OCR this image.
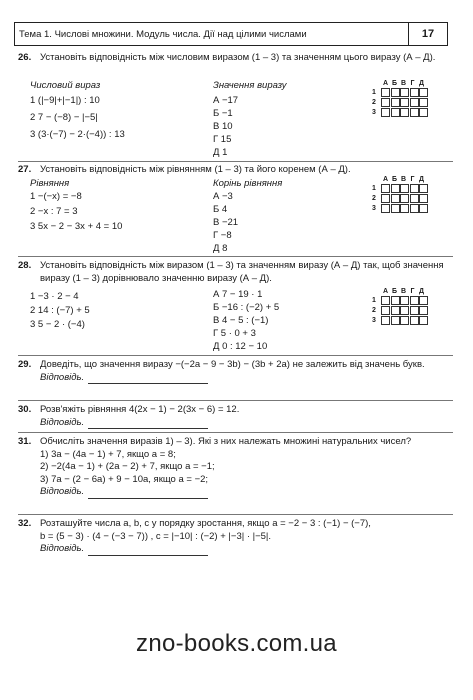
Тема 1. Числові множини. Модуль числа. Дії над цілими числами	17
26. Установіть відповідність між числовим виразом (1 – 3) та значенням цього виразу (А – Д).
Числовий вираз	Значення виразу
1 (|−9|+|−1|) : 10
2 7 − (−8) − |−5|
3 (3·(−7) − 2·(−4)) : 13
А −17
Б −1
В 10
Г 15
Д 1
А Б В Г Д
1
2
3
27. Установіть відповідність між рівнянням (1 – 3) та його коренем (А – Д).
Рівняння	Корінь рівняння
1 −(−x) = −8
2 −x : 7 = 3
3 5x − 2 − 3x + 4 = 10
А −3
Б 4
В −21
Г −8
Д 8
А Б В Г Д
1
2
3
28. Установіть відповідність між виразом (1 – 3) та значенням виразу (А – Д) так, щоб значення виразу (1 – 3) дорівнювало значенню виразу (А – Д).
1 −3 · 2 − 4
2 14 : (−7) + 5
3 5 − 2 · (−4)
А 7 − 19 · 1
Б −16 : (−2) + 5
В 4 − 5 : (−1)
Г 5 · 0 + 3
Д 0 : 12 − 10
А Б В Г Д
1
2
3
29. Доведіть, що значення виразу −(−2a − 9 − 3b) − (3b + 2a) не залежить від значень букв.
Відповідь.
30. Розв'яжіть рівняння 4(2x − 1) − 2(3x − 6) = 12.
Відповідь.
31. Обчисліть значення виразів 1) – 3). Які з них належать множині натуральних чисел?
1) 3a − (4a − 1) + 7, якщо a = 8;
2) −2(4a − 1) + (2a − 2) + 7, якщо a = −1;
3) 7a − (2 − 6a) + 9 − 10a, якщо a = −2;
Відповідь.
32. Розташуйте числа a, b, c у порядку зростання, якщо a = −2 − 3 : (−1) − (−7),
b = (5 − 3) · (4 − (−3 − 7)) , c = |−10| : (−2) + |−3| · |−5|.
Відповідь.
zno-books.com.ua
